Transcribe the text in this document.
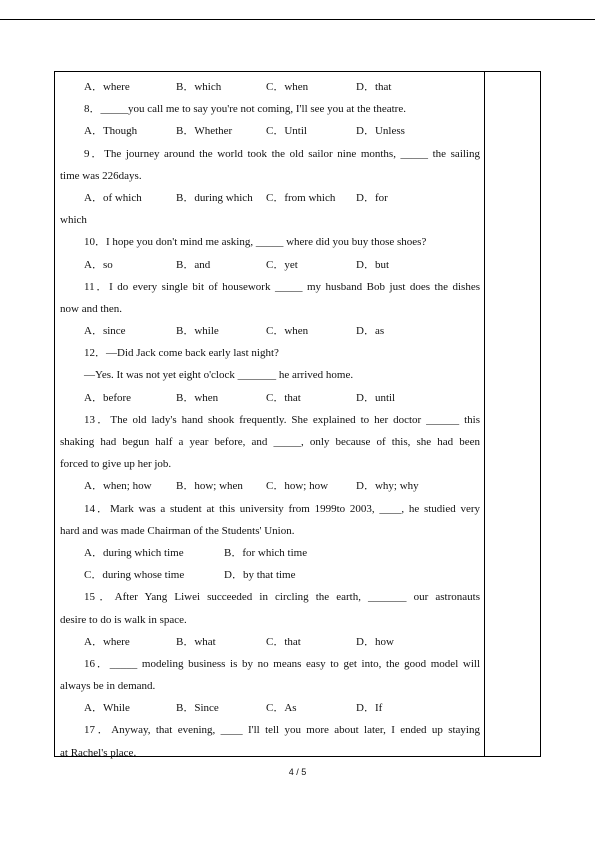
A．where	B．which	C．when	D．that
8．_____you call me to say you're not coming, I'll see you at the theatre.
A．Though	B．Whether	C．Until	D．Unless
9．The journey around the world took the old sailor nine months, _____ the sailing
time was 226days.
A．of which	B．during which C．from which D．for
which
10．I hope you don't mind me asking, _____ where did you buy those shoes?
A．so	B．and	C．yet	D．but
11．I do every single bit of housework _____ my husband Bob just does the dishes
now and then.
A．since	B．while	C．when	D．as
12．—Did Jack come back early last night?
—Yes. It was not yet eight o'clock _______ he arrived home.
A．before	B．when	C．that	D．until
13．The old lady's hand shook frequently. She explained to her doctor ______ this
shaking had begun half a year before, and _____, only because of this, she had been
forced to give up her job.
A．when; how B．how; when C．how; how	D．why; why
14．Mark was a student at this university from 1999to 2003, ____, he studied very
hard and was made Chairman of the Students' Union.
A．during which time	B．for which time
C．during whose time	D．by that time
15．After Yang Liwei succeeded in circling the earth, _______ our astronauts
desire to do is walk in space.
A．where	B．what	C．that	D．how
16．_____ modeling business is by no means easy to get into, the good model will
always be in demand.
A．While	B．Since	C．As	D．If
17．Anyway, that evening, ____ I'll tell you more about later, I ended up staying
at Rachel's place.
4 / 5
